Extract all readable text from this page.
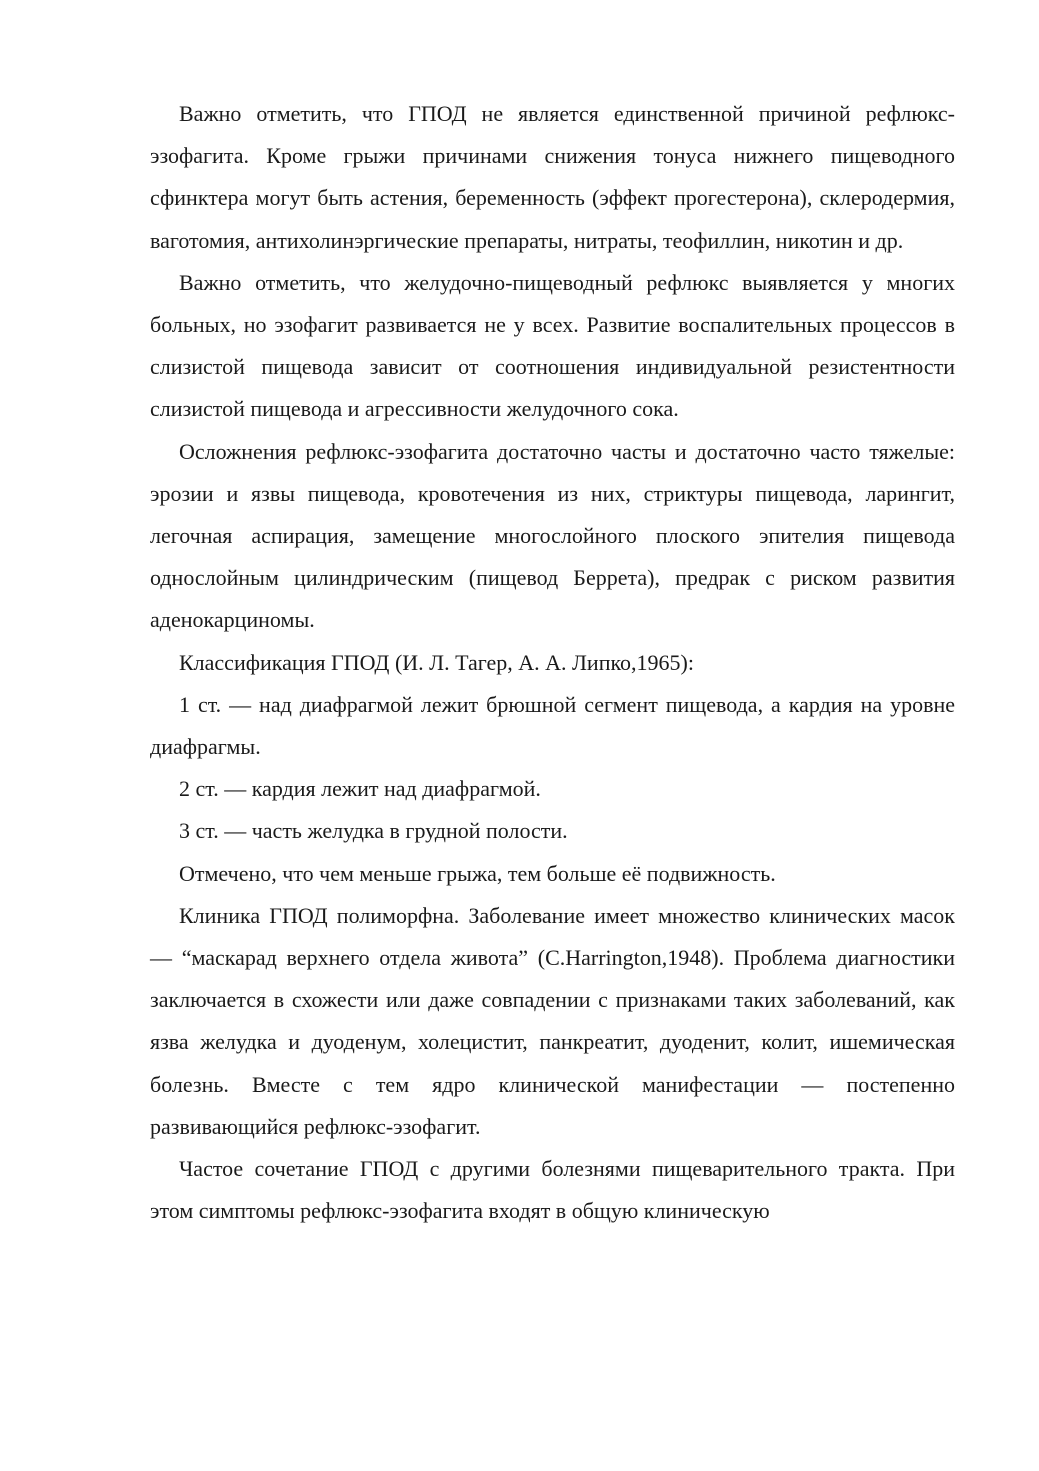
Важно отметить, что ГПОД не является единственной причиной рефлюкс-эзофагита. Кроме грыжи причинами снижения тонуса нижнего пищеводного сфинктера могут быть астения, беременность (эффект прогестерона), склеродермия, ваготомия, антихолинэргические препараты, нитраты, теофиллин, никотин и др.

Важно отметить, что желудочно-пищеводный рефлюкс выявляется у многих больных, но эзофагит развивается не у всех. Развитие воспалительных процессов в слизистой пищевода зависит от соотношения индивидуальной резистентности слизистой пищевода и агрессивности желудочного сока.

Осложнения рефлюкс-эзофагита достаточно часты и достаточно часто тяжелые: эрозии и язвы пищевода, кровотечения из них, стриктуры пищевода, ларингит, легочная аспирация, замещение многослойного плоского эпителия пищевода однослойным цилиндрическим (пищевод Беррета), предрак с риском развития аденокарциномы.

Классификация ГПОД (И. Л. Тагер, А. А. Липко,1965):

1 ст. — над диафрагмой лежит брюшной сегмент пищевода, а кардия на уровне диафрагмы.

2 ст. — кардия лежит над диафрагмой.

3 ст. — часть желудка в грудной полости.

Отмечено, что чем меньше грыжа, тем больше её подвижность.

Клиника ГПОД полиморфна. Заболевание имеет множество клинических масок — “маскарад верхнего отдела живота” (C.Harrington,1948). Проблема диагностики заключается в схожести или даже совпадении с признаками таких заболеваний, как язва желудка и дуоденум, холецистит, панкреатит, дуоденит, колит, ишемическая болезнь. Вместе с тем ядро клинической манифестации — постепенно развивающийся рефлюкс-эзофагит.

Частое сочетание ГПОД с другими болезнями пищеварительного тракта. При этом симптомы рефлюкс-эзофагита входят в общую клиническую
